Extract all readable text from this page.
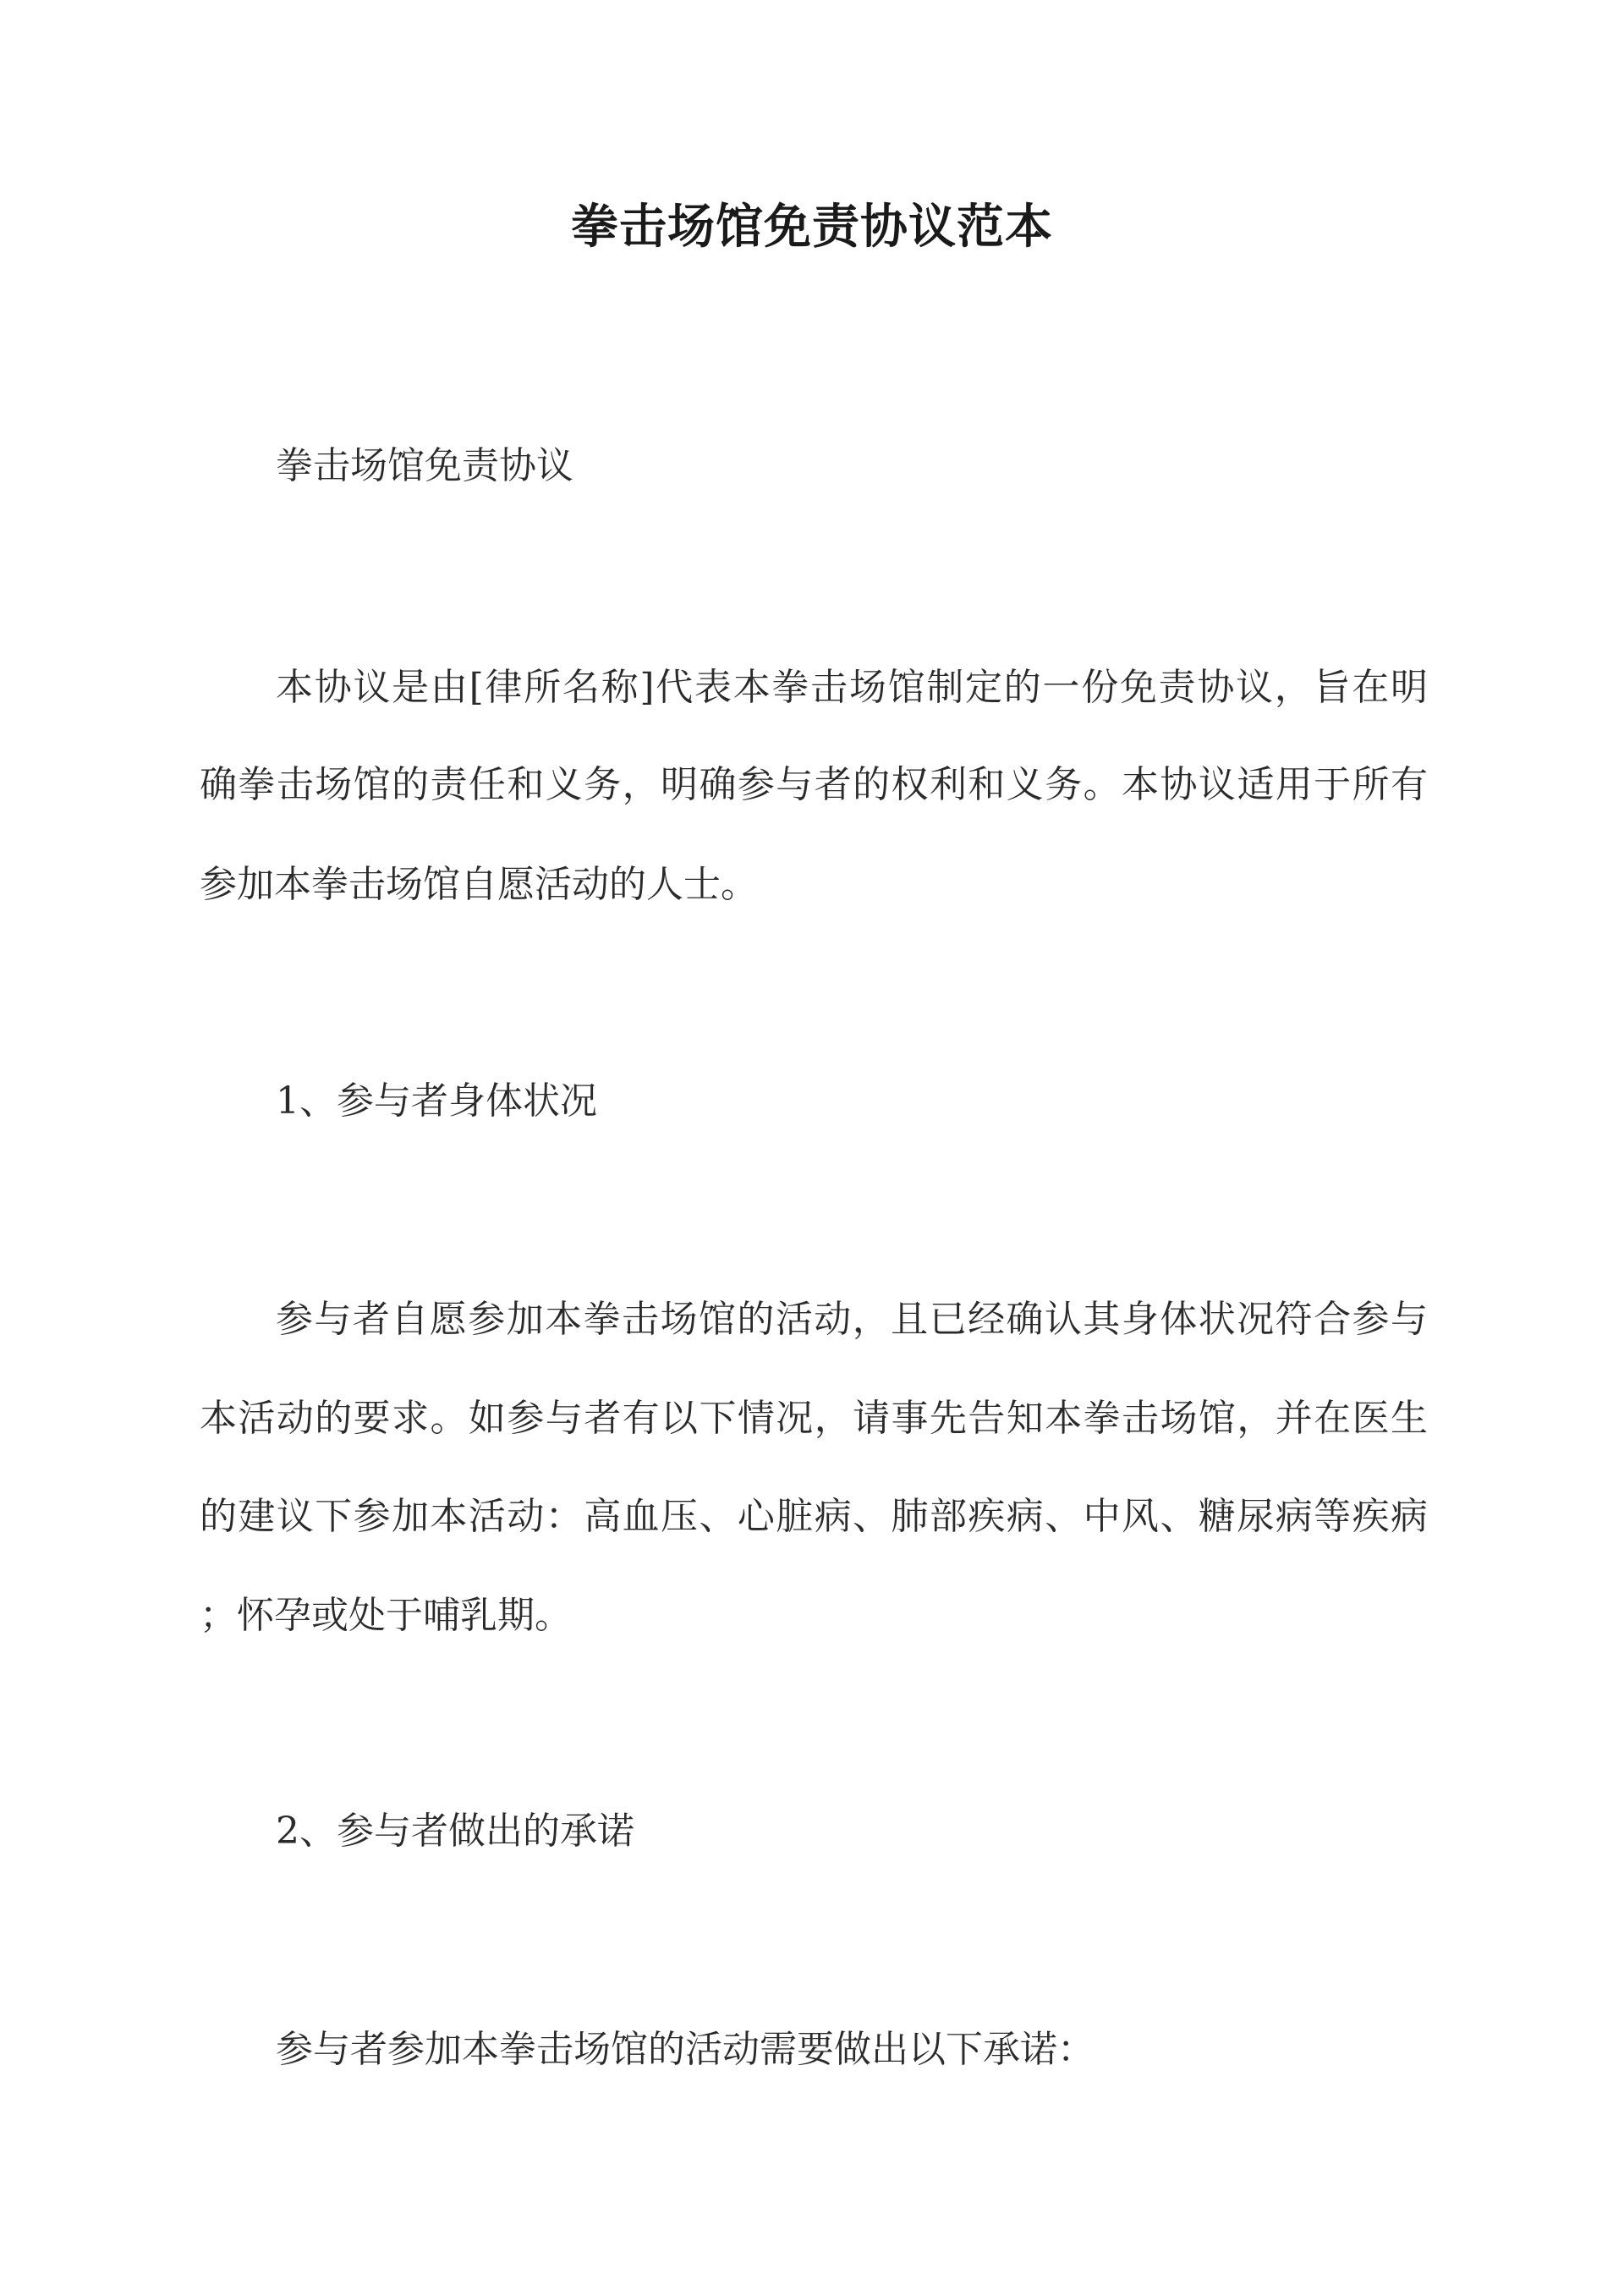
拳击场馆免责协议范本
拳击场馆免责协议
本协议是由[律所名称]代表本拳击场馆制定的一份免责协议，旨在明
确拳击场馆的责任和义务，明确参与者的权利和义务。本协议适用于所有
参加本拳击场馆自愿活动的人士。
1、参与者身体状况
参与者自愿参加本拳击场馆的活动，且已经确认其身体状况符合参与
本活动的要求。如参与者有以下情况，请事先告知本拳击场馆，并在医生
的建议下参加本活动：高血压、心脏病、肺部疾病、中风、糖尿病等疾病
；怀孕或处于哺乳期。
2、参与者做出的承诺
参与者参加本拳击场馆的活动需要做出以下承诺：
